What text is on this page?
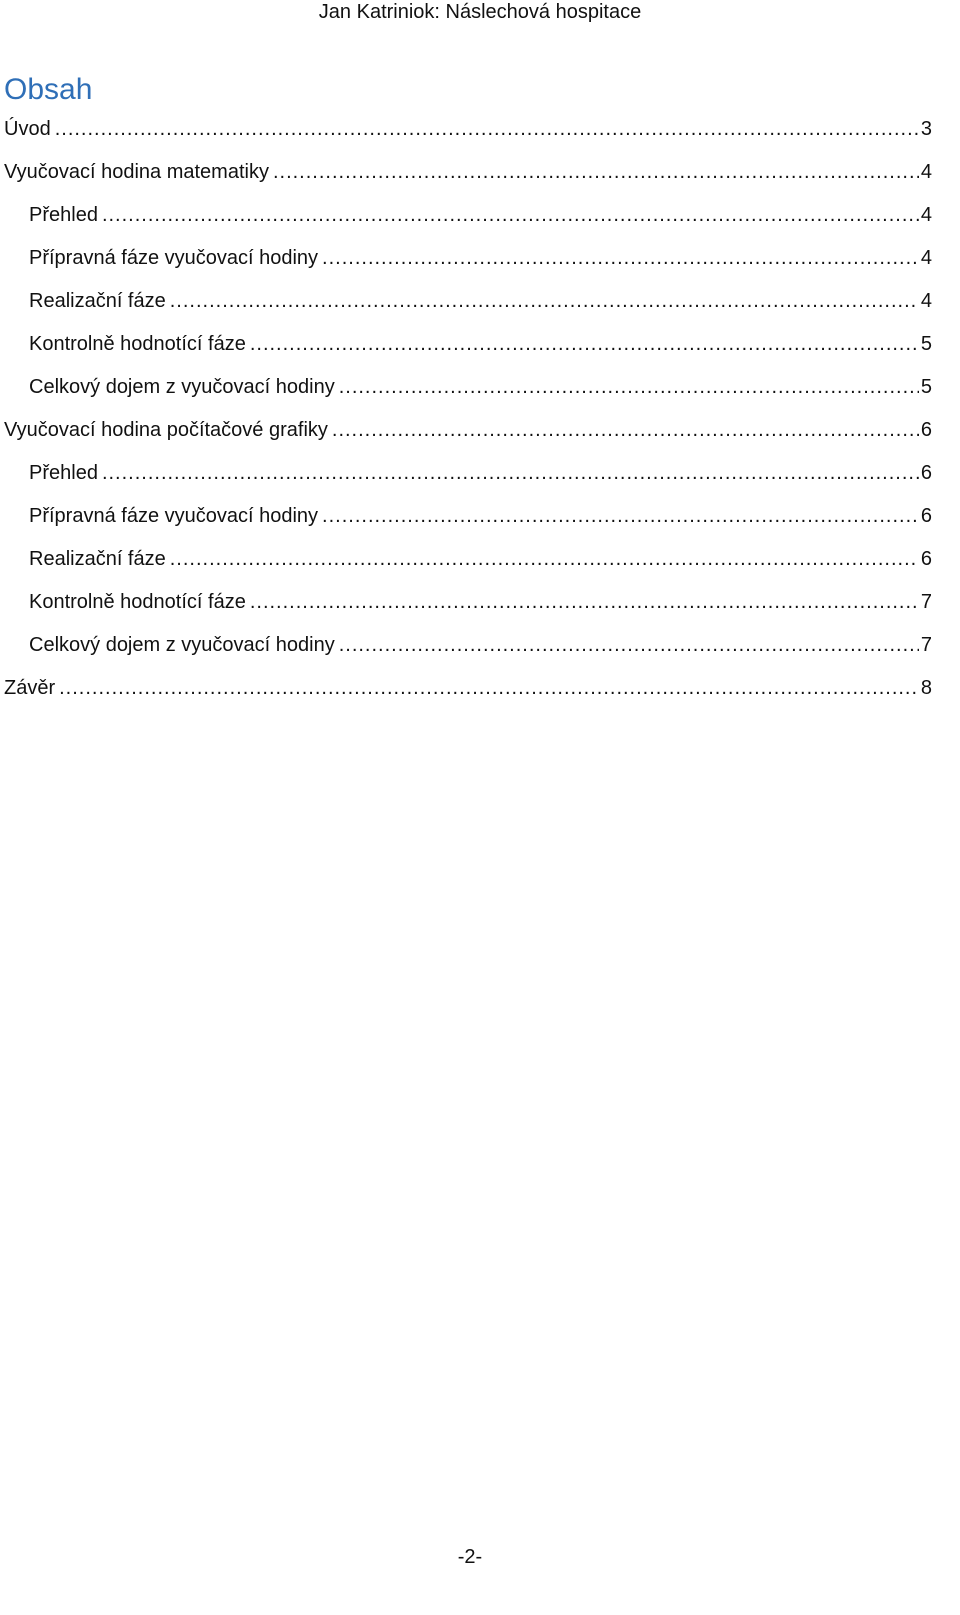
Jan Katriniok: Náslechová hospitace
Obsah
Úvod .....	3
Vyučovací hodina matematiky .....	4
Přehled .....	4
Přípravná fáze vyučovací hodiny .....	4
Realizační fáze .....	4
Kontrolně hodnotící fáze .....	5
Celkový dojem z vyučovací hodiny .....	5
Vyučovací hodina počítačové grafiky .....	6
Přehled .....	6
Přípravná fáze vyučovací hodiny .....	6
Realizační fáze .....	6
Kontrolně hodnotící fáze .....	7
Celkový dojem z vyučovací hodiny .....	7
Závěr .....	8
-2-
